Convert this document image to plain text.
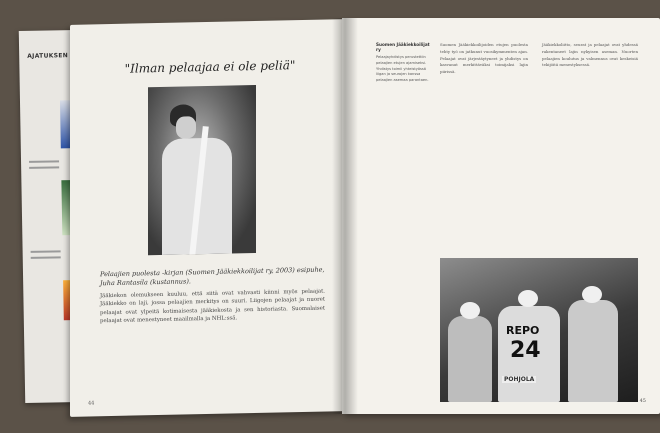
AJATUKSEN
"Ilman pelaajaa ei ole peliä"
Pelaajien puolesta -kirjan (Suomen Jääkiekkoilijat ry, 2003) esipuhe, Juha Rantasila (kustannus).
Jääkiekon olemukseen kuuluu, että siitä ovat vahvasti kiinni myös pelaajat. Jääkiekko on laji, jossa pelaajien merkitys on suuri. Liigojen pelaajat ja nuoret pelaajat ovat ylpeitä kotimaisesta jääkiekosta ja sen historiasta. Suomalaiset pelaajat ovat menestyneet maailmalla ja NHL:ssä.
44
Suomen Jääkiekkoilijat ry
Pelaajayhdistys perustettiin pelaajien etujen ajamiseksi. Yhdistys toimii yhteistyössä liigan ja seurojen kanssa pelaajien asemaa parantaen.
Suomen Jääkiekkoilijoiden etujen puolesta tehty työ on jatkunut vuosikymmenten ajan. Pelaajat ovat järjestäytyneet ja yhdistys on kasvanut merkittäväksi toimijaksi lajin piirissä.
Jääkiekkoliitto, seurat ja pelaajat ovat yhdessä rakentaneet lajin nykyisen aseman. Nuorten pelaajien koulutus ja valmennus ovat keskeisiä tekijöitä menestyksessä.
REPO
24
POHJOLA
45
